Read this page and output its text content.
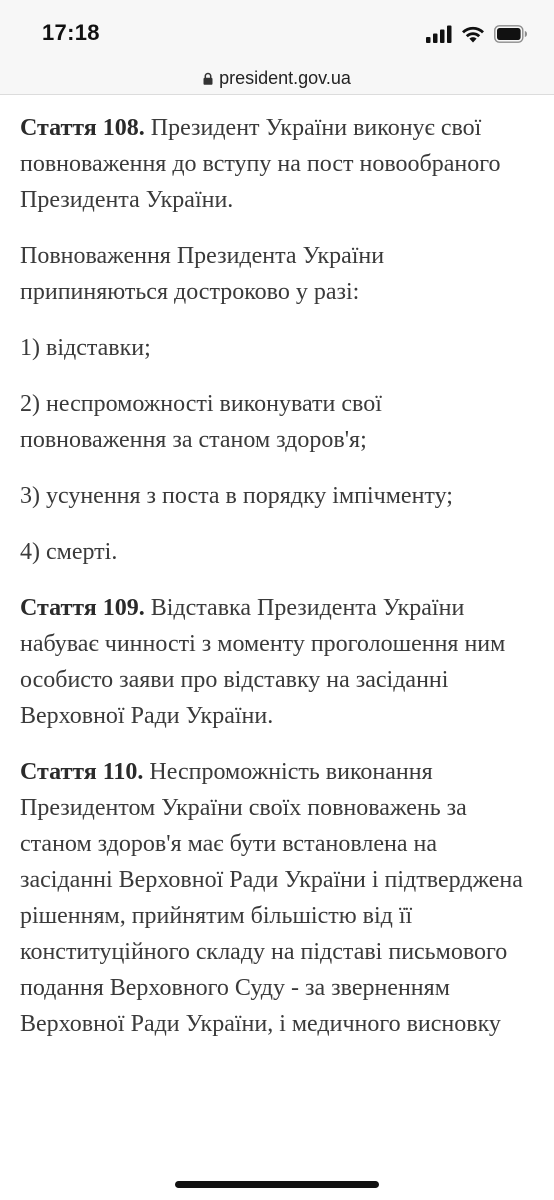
17:18
president.gov.ua

Стаття 108. Президент України виконує свої повноваження до вступу на пост новообраного Президента України.

Повноваження Президента України припиняються достроково у разі:

1) відставки;

2) неспроможності виконувати свої повноваження за станом здоров'я;

3) усунення з поста в порядку імпічменту;

4) смерті.

Стаття 109. Відставка Президента України набуває чинності з моменту проголошення ним особисто заяви про відставку на засіданні Верховної Ради України.

Стаття 110. Неспроможність виконання Президентом України своїх повноважень за станом здоров'я має бути встановлена на засіданні Верховної Ради України і підтверджена рішенням, прийнятим більшістю від її конституційного складу на підставі письмового подання Верховного Суду - за зверненням Верховної Ради України, і медичного висновку
